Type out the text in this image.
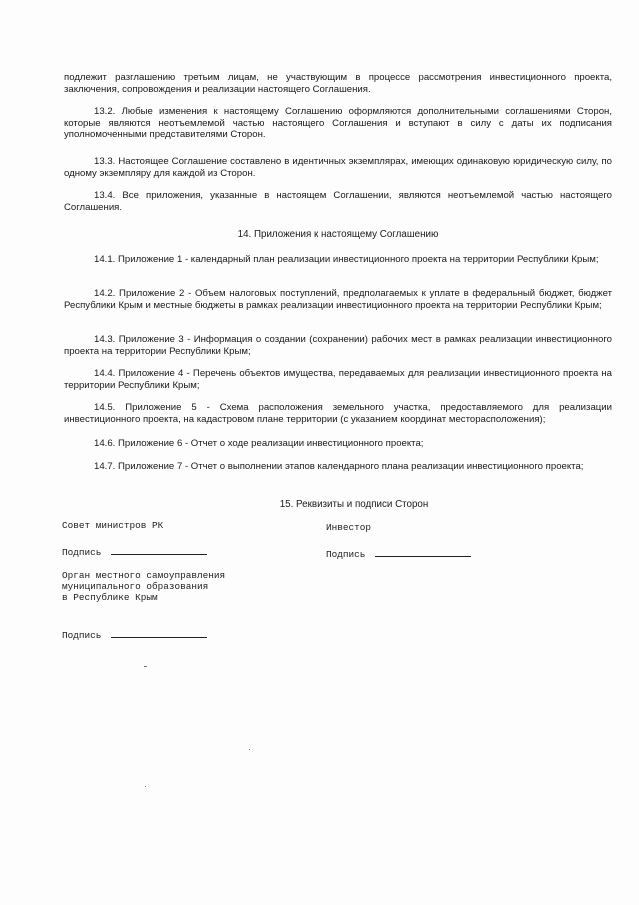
подлежит разглашению третьим лицам, не участвующим в процессе рассмотрения инвестиционного проекта, заключения, сопровождения и реализации настоящего Соглашения.

13.2. Любые изменения к настоящему Соглашению оформляются дополнительными соглашениями Сторон, которые являются неотъемлемой частью настоящего Соглашения и вступают в силу с даты их подписания уполномоченными представителями Сторон.

13.3. Настоящее Соглашение составлено в идентичных экземплярах, имеющих одинаковую юридическую силу, по одному экземпляру для каждой из Сторон.

13.4. Все приложения, указанные в настоящем Соглашении, являются неотъемлемой частью настоящего Соглашения.

14. Приложения к настоящему Соглашению

14.1. Приложение 1 - календарный план реализации инвестиционного проекта на территории Республики Крым;

14.2. Приложение 2 - Объем налоговых поступлений, предполагаемых к уплате в федеральный бюджет, бюджет Республики Крым и местные бюджеты в рамках реализации инвестиционного проекта на территории Республики Крым;

14.3. Приложение 3 - Информация о создании (сохранении) рабочих мест в рамках реализации инвестиционного проекта на территории Республики Крым;

14.4. Приложение 4 - Перечень объектов имущества, передаваемых для реализации инвестиционного проекта на территории Республики Крым;

14.5. Приложение 5 - Схема расположения земельного участка, предоставляемого для реализации инвестиционного проекта, на кадастровом плане территории (с указанием координат месторасположения);

14.6. Приложение 6 - Отчет о ходе реализации инвестиционного проекта;

14.7. Приложение 7 - Отчет о выполнении этапов календарного плана реализации инвестиционного проекта;

15. Реквизиты и подписи Сторон

Совет министров РК	Инвестор

Подпись	Подпись

Орган местного самоуправления

муниципального образования

в Республике Крым

Подпись
